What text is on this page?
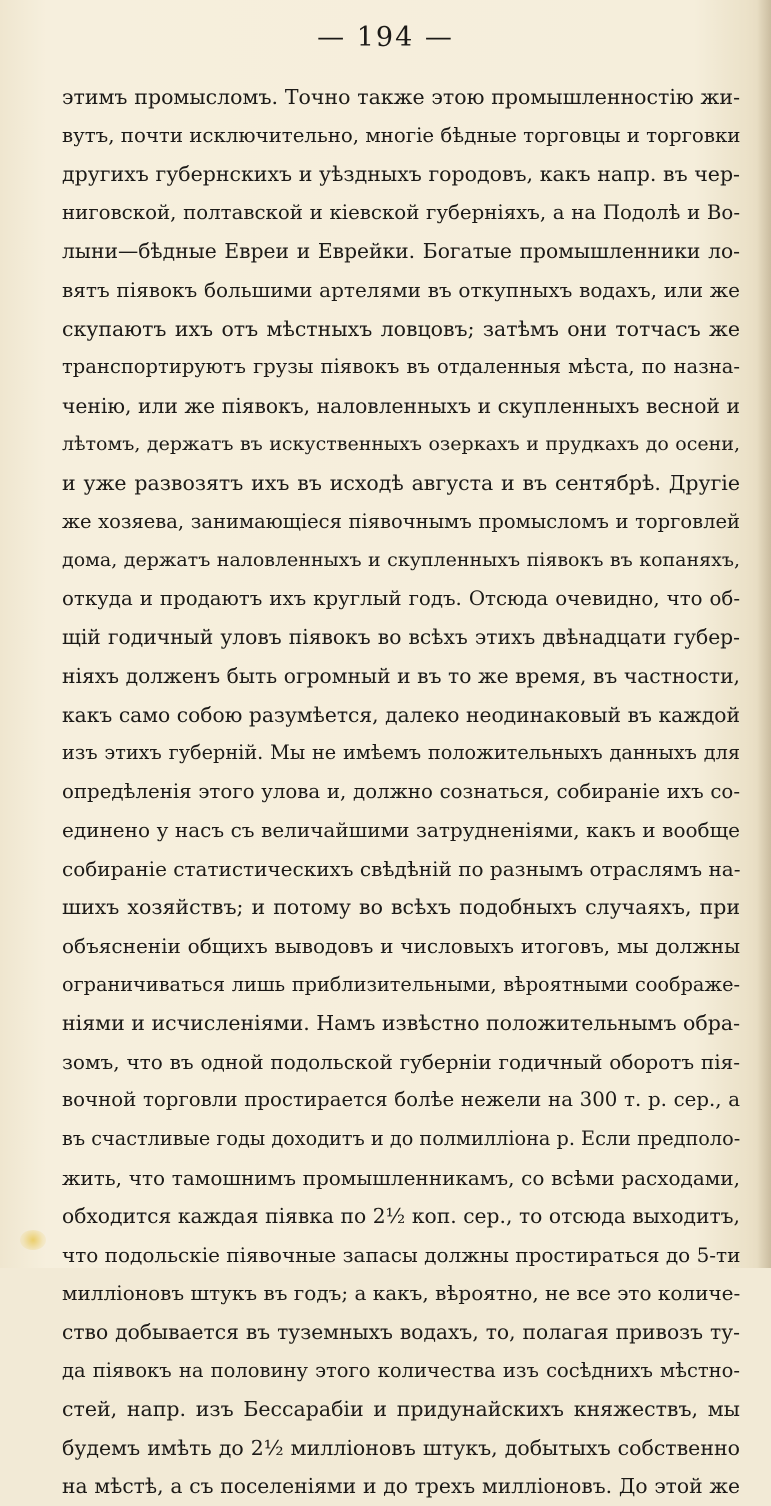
— 194 —
этимъ промысломъ. Точно также этою промышленностію жи-
вутъ, почти исключительно, многіе бѣдные торговцы и торговки
другихъ губернскихъ и уѣздныхъ городовъ, какъ напр. въ чер-
ниговской, полтавской и кіевской губерніяхъ, а на Подолѣ и Во-
лыни—бѣдные Евреи и Еврейки. Богатые промышленники ло-
вятъ піявокъ большими артелями въ откупныхъ водахъ, или же
скупаютъ ихъ отъ мѣстныхъ ловцовъ; затѣмъ они тотчасъ же
транспортируютъ грузы піявокъ въ отдаленныя мѣста, по назна-
ченію, или же піявокъ, наловленныхъ и скупленныхъ весной и
лѣтомъ, держатъ въ искуственныхъ озеркахъ и прудкахъ до осени,
и уже развозятъ ихъ въ исходѣ августа и въ сентябрѣ. Другіе
же хозяева, занимающіеся піявочнымъ промысломъ и торговлей
дома, держатъ наловленныхъ и скупленныхъ піявокъ въ копаняхъ,
откуда и продаютъ ихъ круглый годъ. Отсюда очевидно, что об-
щій годичный уловъ піявокъ во всѣхъ этихъ двѣнадцати губер-
ніяхъ долженъ быть огромный и въ то же время, въ частности,
какъ само собою разумѣется, далеко неодинаковый въ каждой
изъ этихъ губерній. Мы не имѣемъ положительныхъ данныхъ для
опредѣленія этого улова и, должно сознаться, собираніе ихъ со-
единено у насъ съ величайшими затрудненіями, какъ и вообще
собираніе статистическихъ свѣдѣній по разнымъ отраслямъ на-
шихъ хозяйствъ; и потому во всѣхъ подобныхъ случаяхъ, при
объясненіи общихъ выводовъ и числовыхъ итоговъ, мы должны
ограничиваться лишь приблизительными, вѣроятными соображе-
ніями и исчисленіями. Намъ извѣстно положительнымъ обра-
зомъ, что въ одной подольской губерніи годичный оборотъ пія-
вочной торговли простирается болѣе нежели на 300 т. р. сер., а
въ счастливые годы доходитъ и до полмилліона р. Если предполо-
жить, что тамошнимъ промышленникамъ, со всѣми расходами,
обходится каждая піявка по 2½ коп. сер., то отсюда выходитъ,
что подольскіе піявочные запасы должны простираться до 5-ти
милліоновъ штукъ въ годъ; а какъ, вѣроятно, не все это количе-
ство добывается въ туземныхъ водахъ, то, полагая привозъ ту-
да піявокъ на половину этого количества изъ сосѣднихъ мѣстно-
стей, напр. изъ Бессарабіи и придунайскихъ княжествъ, мы
будемъ имѣть до 2½ милліоновъ штукъ, добытыхъ собственно
на мѣстѣ, а съ поселеніями и до трехъ милліоновъ. До этой же
